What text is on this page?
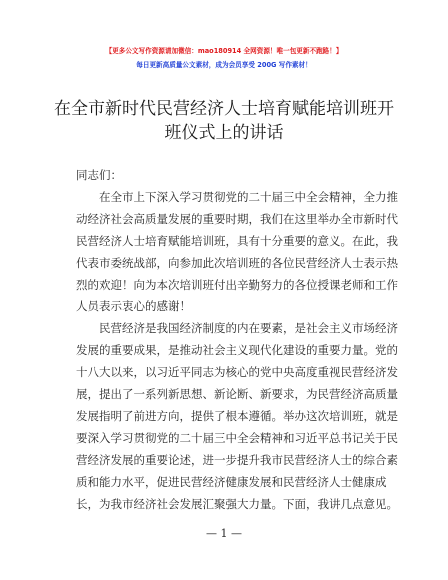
【更多公文写作资源请加微信：mao180914 全网资源！唯一包更新不跑路！】
每日更新高质量公文素材，成为会员享受 200G 写作素材！
在全市新时代民营经济人士培育赋能培训班开
班仪式上的讲话
同志们：
　　在全市上下深入学习贯彻党的二十届三中全会精神，全力推
动经济社会高质量发展的重要时期，我们在这里举办全市新时代
民营经济人士培育赋能培训班，具有十分重要的意义。在此，我
代表市委统战部，向参加此次培训班的各位民营经济人士表示热
烈的欢迎！向为本次培训班付出辛勤努力的各位授课老师和工作
人员表示衷心的感谢！
　　民营经济是我国经济制度的内在要素，是社会主义市场经济
发展的重要成果，是推动社会主义现代化建设的重要力量。党的
十八大以来，以习近平同志为核心的党中央高度重视民营经济发
展，提出了一系列新思想、新论断、新要求，为民营经济高质量
发展指明了前进方向，提供了根本遵循。举办这次培训班，就是
要深入学习贯彻党的二十届三中全会精神和习近平总书记关于民
营经济发展的重要论述，进一步提升我市民营经济人士的综合素
质和能力水平，促进民营经济健康发展和民营经济人士健康成
长，为我市经济社会发展汇聚强大力量。下面，我讲几点意见。
— 1 —
